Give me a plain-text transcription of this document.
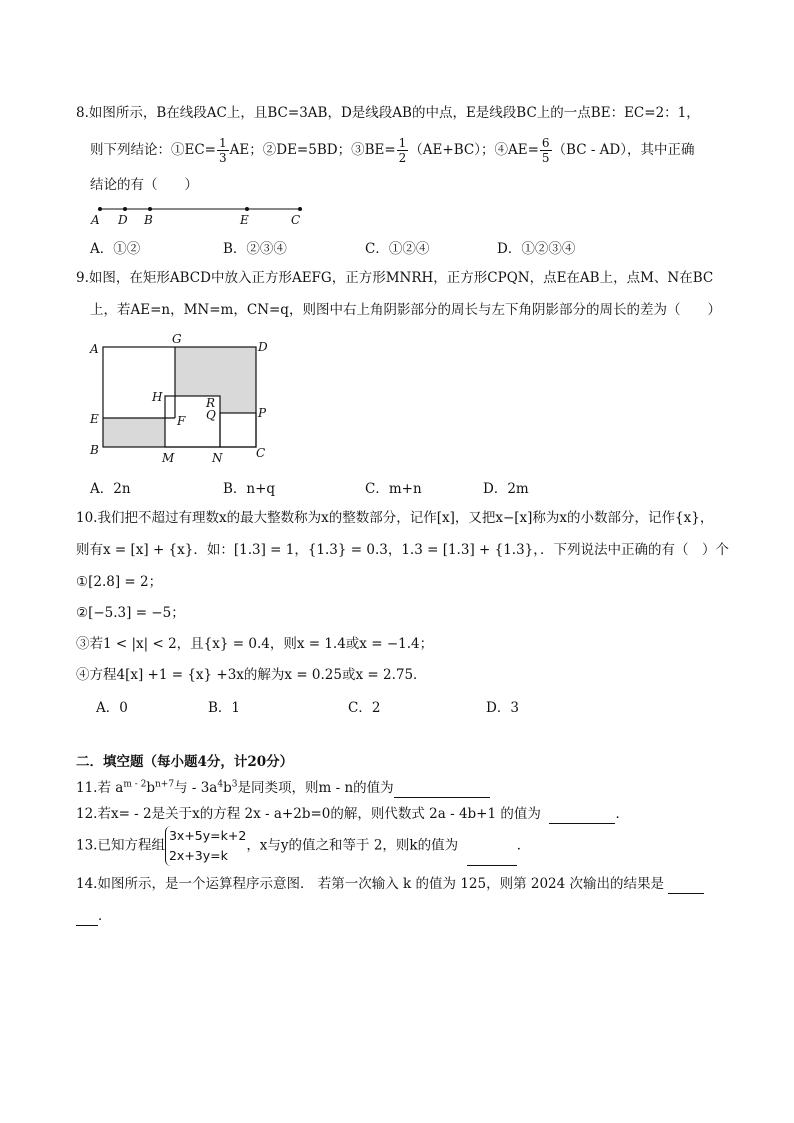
8.如图所示，B在线段AC上，且BC=3AB，D是线段AB的中点，E是线段BC上的一点BE：EC=2：1，
则下列结论：①EC= $\frac{1}{3}$ AE；②DE=5BD；③BE= $\frac{1}{2} (AE+BC)$；④AE= $\frac{6}{5} (BC - AD)$，其中正确
结论的有（　　）
A D B	E	C
A．①②	B．②③④	C．①②④	D．①②③④
9.如图，在矩形ABCD中放入正方形AEFG，正方形MNRH，正方形CPQN，点E在AB上，点M、N在BC
上，若AE=n，MN=m，CN=q，则图中右上角阴影部分的周长与左下角阴影部分的周长的差为（　　）
A
G
D
H	R
Q
E	F
P
B
M	N	C
A．2n	B．n+q	C．m+n	D．2m
10.我们把不超过有理数x的最大整数称为x的整数部分，记作[x]，又把x−[x]称为x的小数部分，记作{x}，
则有x = [x] + {x}．如：[1.3] = 1，{1.3} = 0.3，1.3 = [1.3] + {1.3}，．下列说法中正确的有（　）个
①[2.8] = 2；
②[−5.3] = −5；
③若1 < |x| < 2，且{x} = 0.4，则x = 1.4或x = −1.4；
④方程4[x] +1 = {x} +3x的解为x = 0.25或x = 2.75．
A．0	B．1	C．2	D．3
二．填空题（每小题4分，计20分）
11.若 $a^{m - 2}b^{n+7}$与 - $3a^4b^3$是同类项，则m - n的值为
12.若x= - 2是关于x的方程 2x - a+2b=0的解，则代数式 2a - 4b+1 的值为	．
13.已知方程组3x+5y=k+2
2x+3y=k，x与y的值之和等于 2，则k的值为	．
14.如图所示，是一个运算程序示意图． 若第一次输入 k 的值为 125，则第 2024 次输出的结果是
．
